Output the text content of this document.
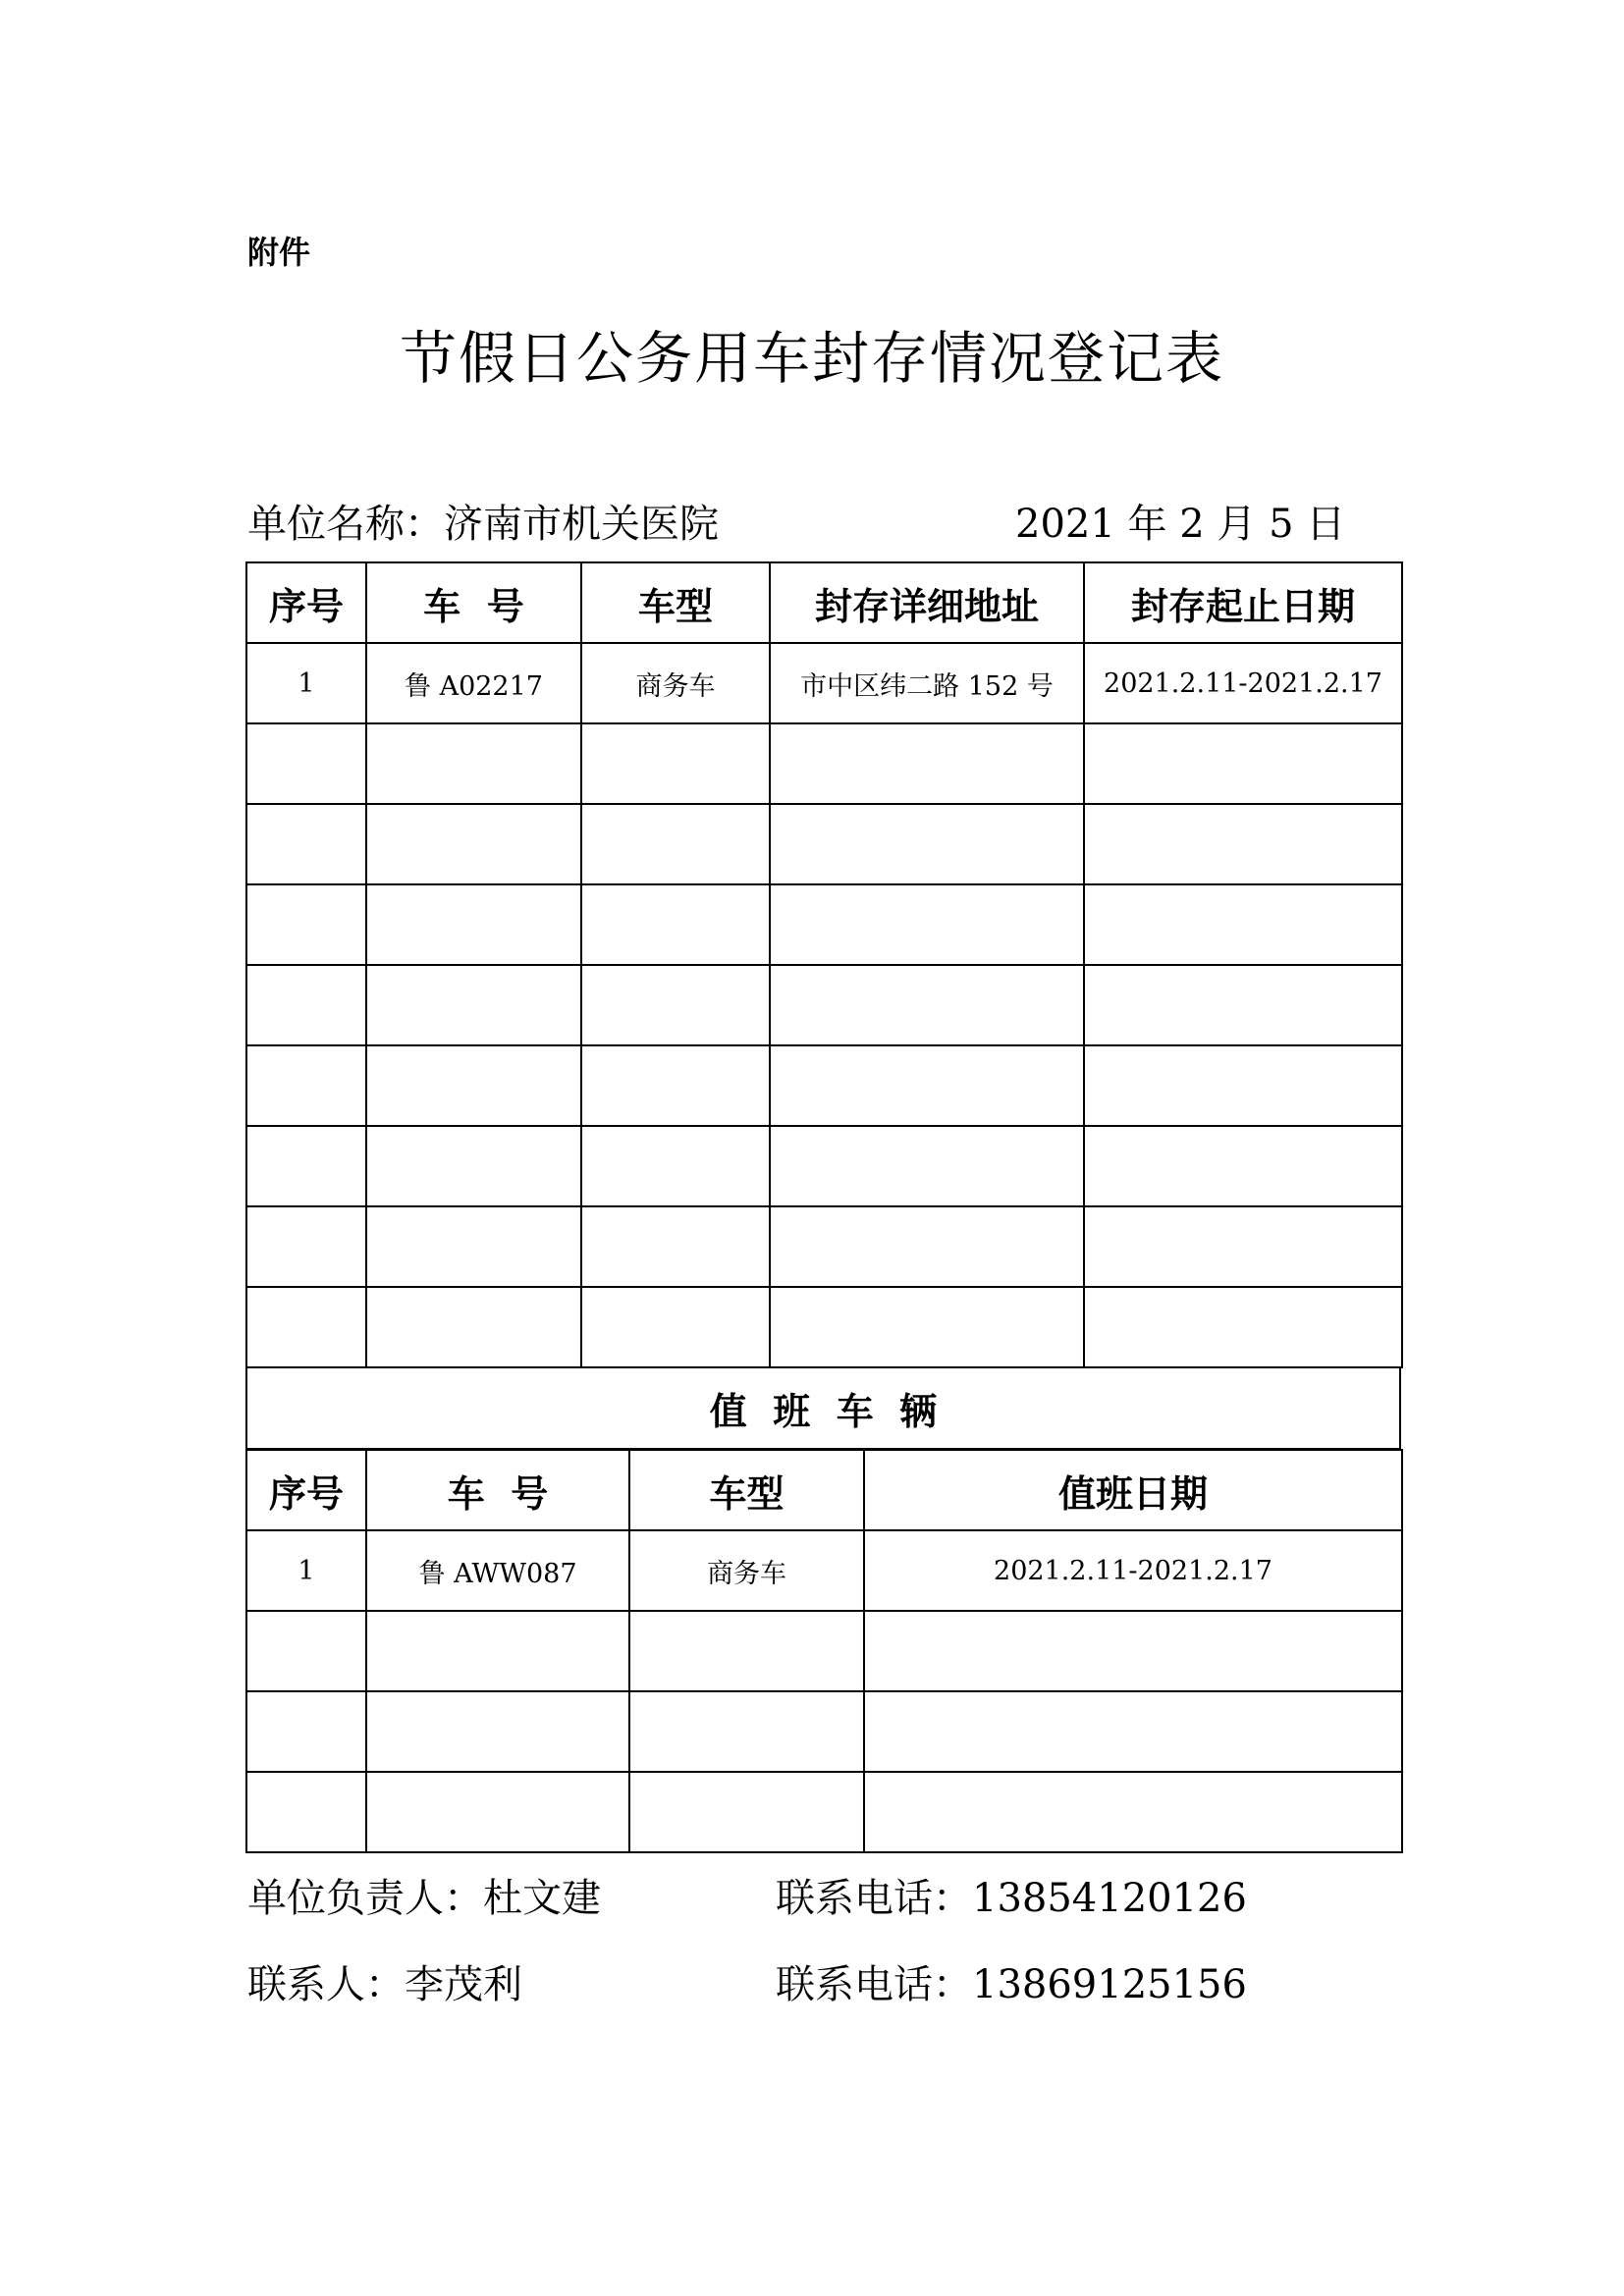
附件
节假日公务用车封存情况登记表
单位名称：济南市机关医院	2021 年 2 月 5 日
序号	车  号	车型	封存详细地址	封存起止日期
1	鲁 A02217	商务车	市中区纬二路 152 号	2021.2.11-2021.2.17

值  班  车  辆
序号	车  号	车型	值班日期
1	鲁 AWW087	商务车	2021.2.11-2021.2.17

单位负责人：杜文建	联系电话：13854120126
联系人：李茂利	联系电话：13869125156
